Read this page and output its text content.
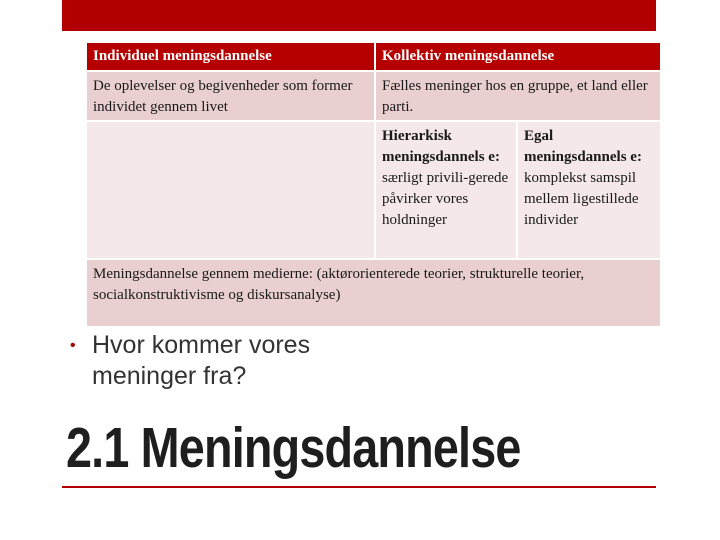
Individuel meningsdannelse	Kollektiv meningsdannelse
De oplevelser og begivenheder som former individet gennem livet
Fælles meninger hos en gruppe, et land eller parti.
Hierarkisk meningsdannels e: særligt privili-gerede påvirker vores holdninger
Egal meningsdannels e: komplekst samspil mellem ligestillede individer
Meningsdannelse gennem medierne: (aktørorienterede teorier, strukturelle teorier, socialkonstruktivisme og diskursanalyse)
• Hvor kommer vores meninger fra?
2.1 Meningsdannelse
